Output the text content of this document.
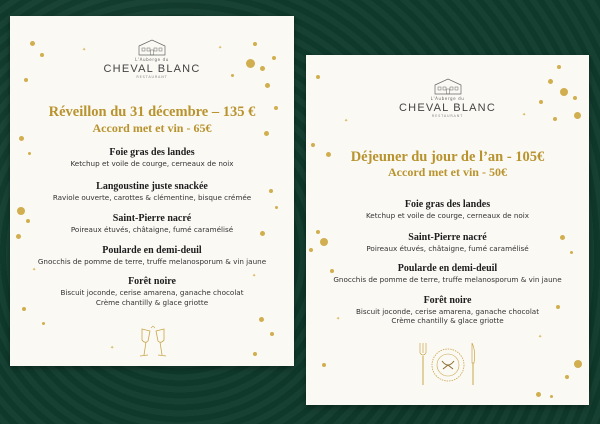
L'Auberge du
CHEVAL BLANC
RESTAURANT
Réveillon du 31 décembre – 135 €
Accord met et vin - 65€
Foie gras des landes

Ketchup et voile de courge, cerneaux de noix

Langoustine juste snackée

Raviole ouverte, carottes & clémentine, bisque crémée

Saint-Pierre nacré

Poireaux étuvés, châtaigne, fumé caramélisé

Poularde en demi-deuil

Gnocchis de pomme de terre, truffe melanosporum & vin jaune

Forêt noire

Biscuit joconde, cerise amarena, ganache chocolat

Crème chantilly & glace griotte

✦	✦
✦
✦
✦
L'Auberge du
CHEVAL BLANC
RESTAURANT
Déjeuner du jour de l’an - 105€
Accord met et vin - 50€
Foie gras des landes

Ketchup et voile de courge, cerneaux de noix

Saint-Pierre nacré

Poireaux étuvés, châtaigne, fumé caramélisé

Poularde en demi-deuil

Gnocchis de pomme de terre, truffe melanosporum & vin jaune

Forêt noire

Biscuit joconde, cerise amarena, ganache chocolat

Crème chantilly & glace griotte

✦
✦
✦
✦
